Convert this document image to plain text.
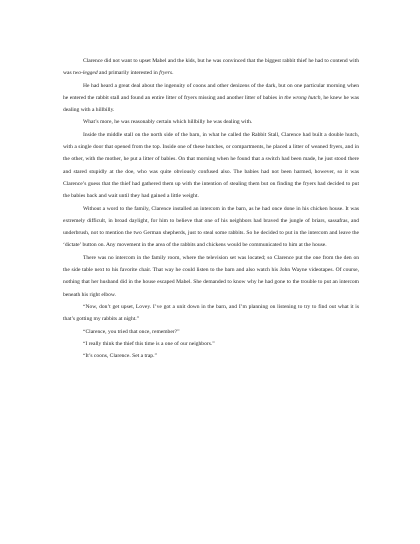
Clarence did not want to upset Mabel and the kids, but he was convinced that the biggest rabbit thief he had to contend with was two-legged and primarily interested in fryers.

He had heard a great deal about the ingenuity of coons and other denizens of the dark, but on one particular morning when he entered the rabbit stall and found an entire litter of fryers missing and another litter of babies in the wrong hutch, he knew he was dealing with a hillbilly.

What’s more, he was reasonably certain which hillbilly he was dealing with.

Inside the middle stall on the north side of the barn, in what he called the Rabbit Stall, Clarence had built a double hutch, with a single door that opened from the top. Inside one of these hutches, or compartments, he placed a litter of weaned fryers, and in the other, with the mother, he put a litter of babies. On that morning when he found that a switch had been made, he just stood there and stared stupidly at the doe, who was quite obviously confused also. The babies had not been harmed, however, so it was Clarence’s guess that the thief had gathered them up with the intention of stealing them but on finding the fryers had decided to put the babies back and wait until they had gained a little weight.

Without a word to the family, Clarence installed an intercom in the barn, as he had once done in his chicken house. It was extremely difficult, in broad daylight, for him to believe that one of his neighbors had braved the jungle of briars, sassafras, and underbrush, not to mention the two German shepherds, just to steal some rabbits. So he decided to put in the intercom and leave the ‘dictate’ button on. Any movement in the area of the rabbits and chickens would be communicated to him at the house.

There was no intercom in the family room, where the television set was located; so Clarence put the one from the den on the side table next to his favorite chair. That way he could listen to the barn and also watch his John Wayne videotapes. Of course, nothing that her husband did in the house escaped Mabel. She demanded to know why he had gone to the trouble to put an intercom beneath his right elbow.

“Now, don’t get upset, Lovey. I’ve got a unit down in the barn, and I’m planning on listening to try to find out what it is that’s gotting my rabbits at night.”

“Clarence, you tried that once, remember?”

“I really think the thief this time is a one of our neighbors.”

“It’s coons, Clarence. Set a trap.”
